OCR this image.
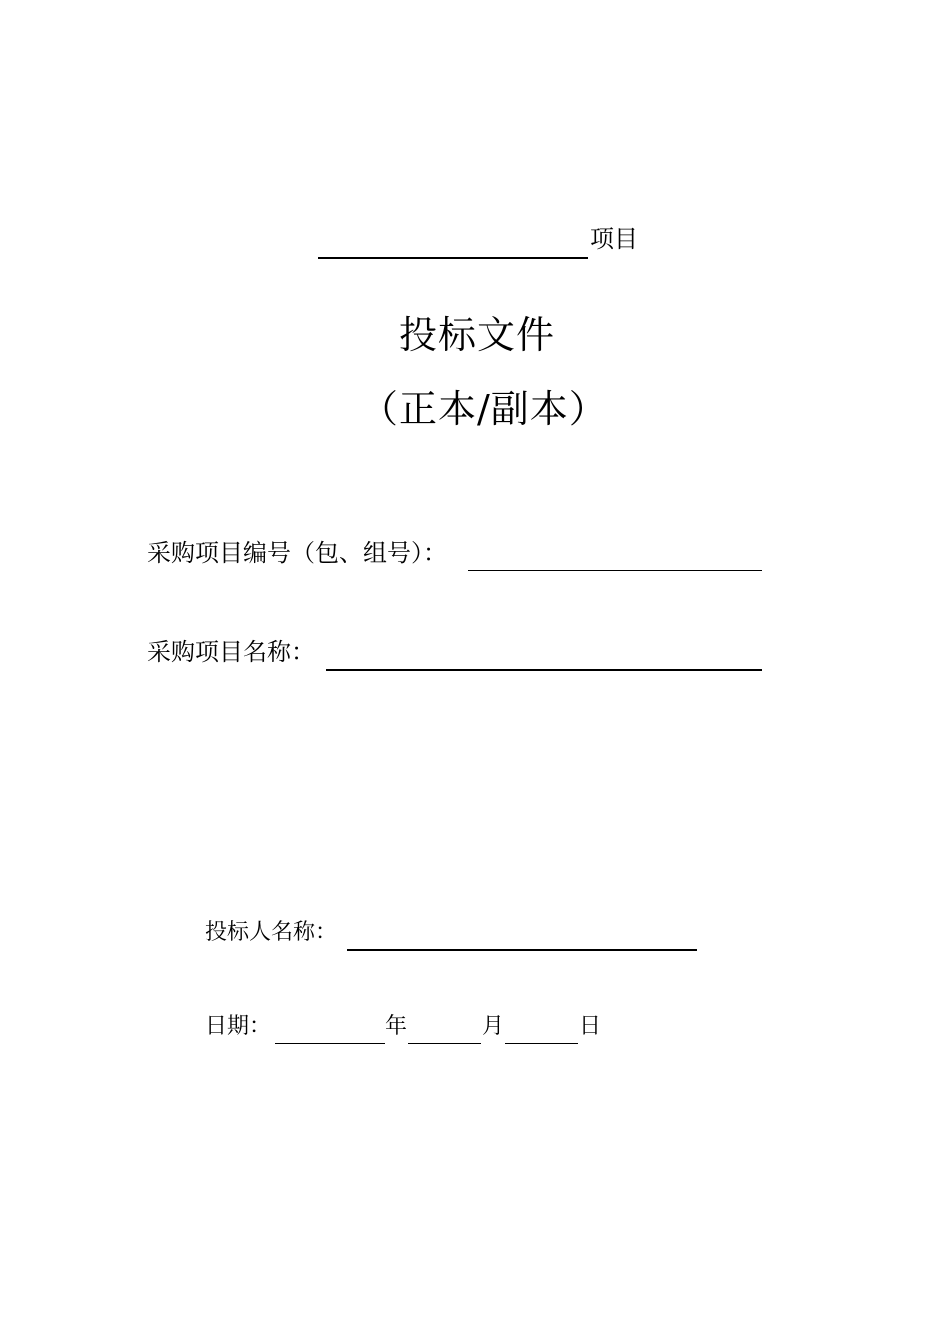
项目
投标文件
（正本/副本）
采购项目编号（包、组号）：
采购项目名称：
投标人名称：
日期：	年	月	日
